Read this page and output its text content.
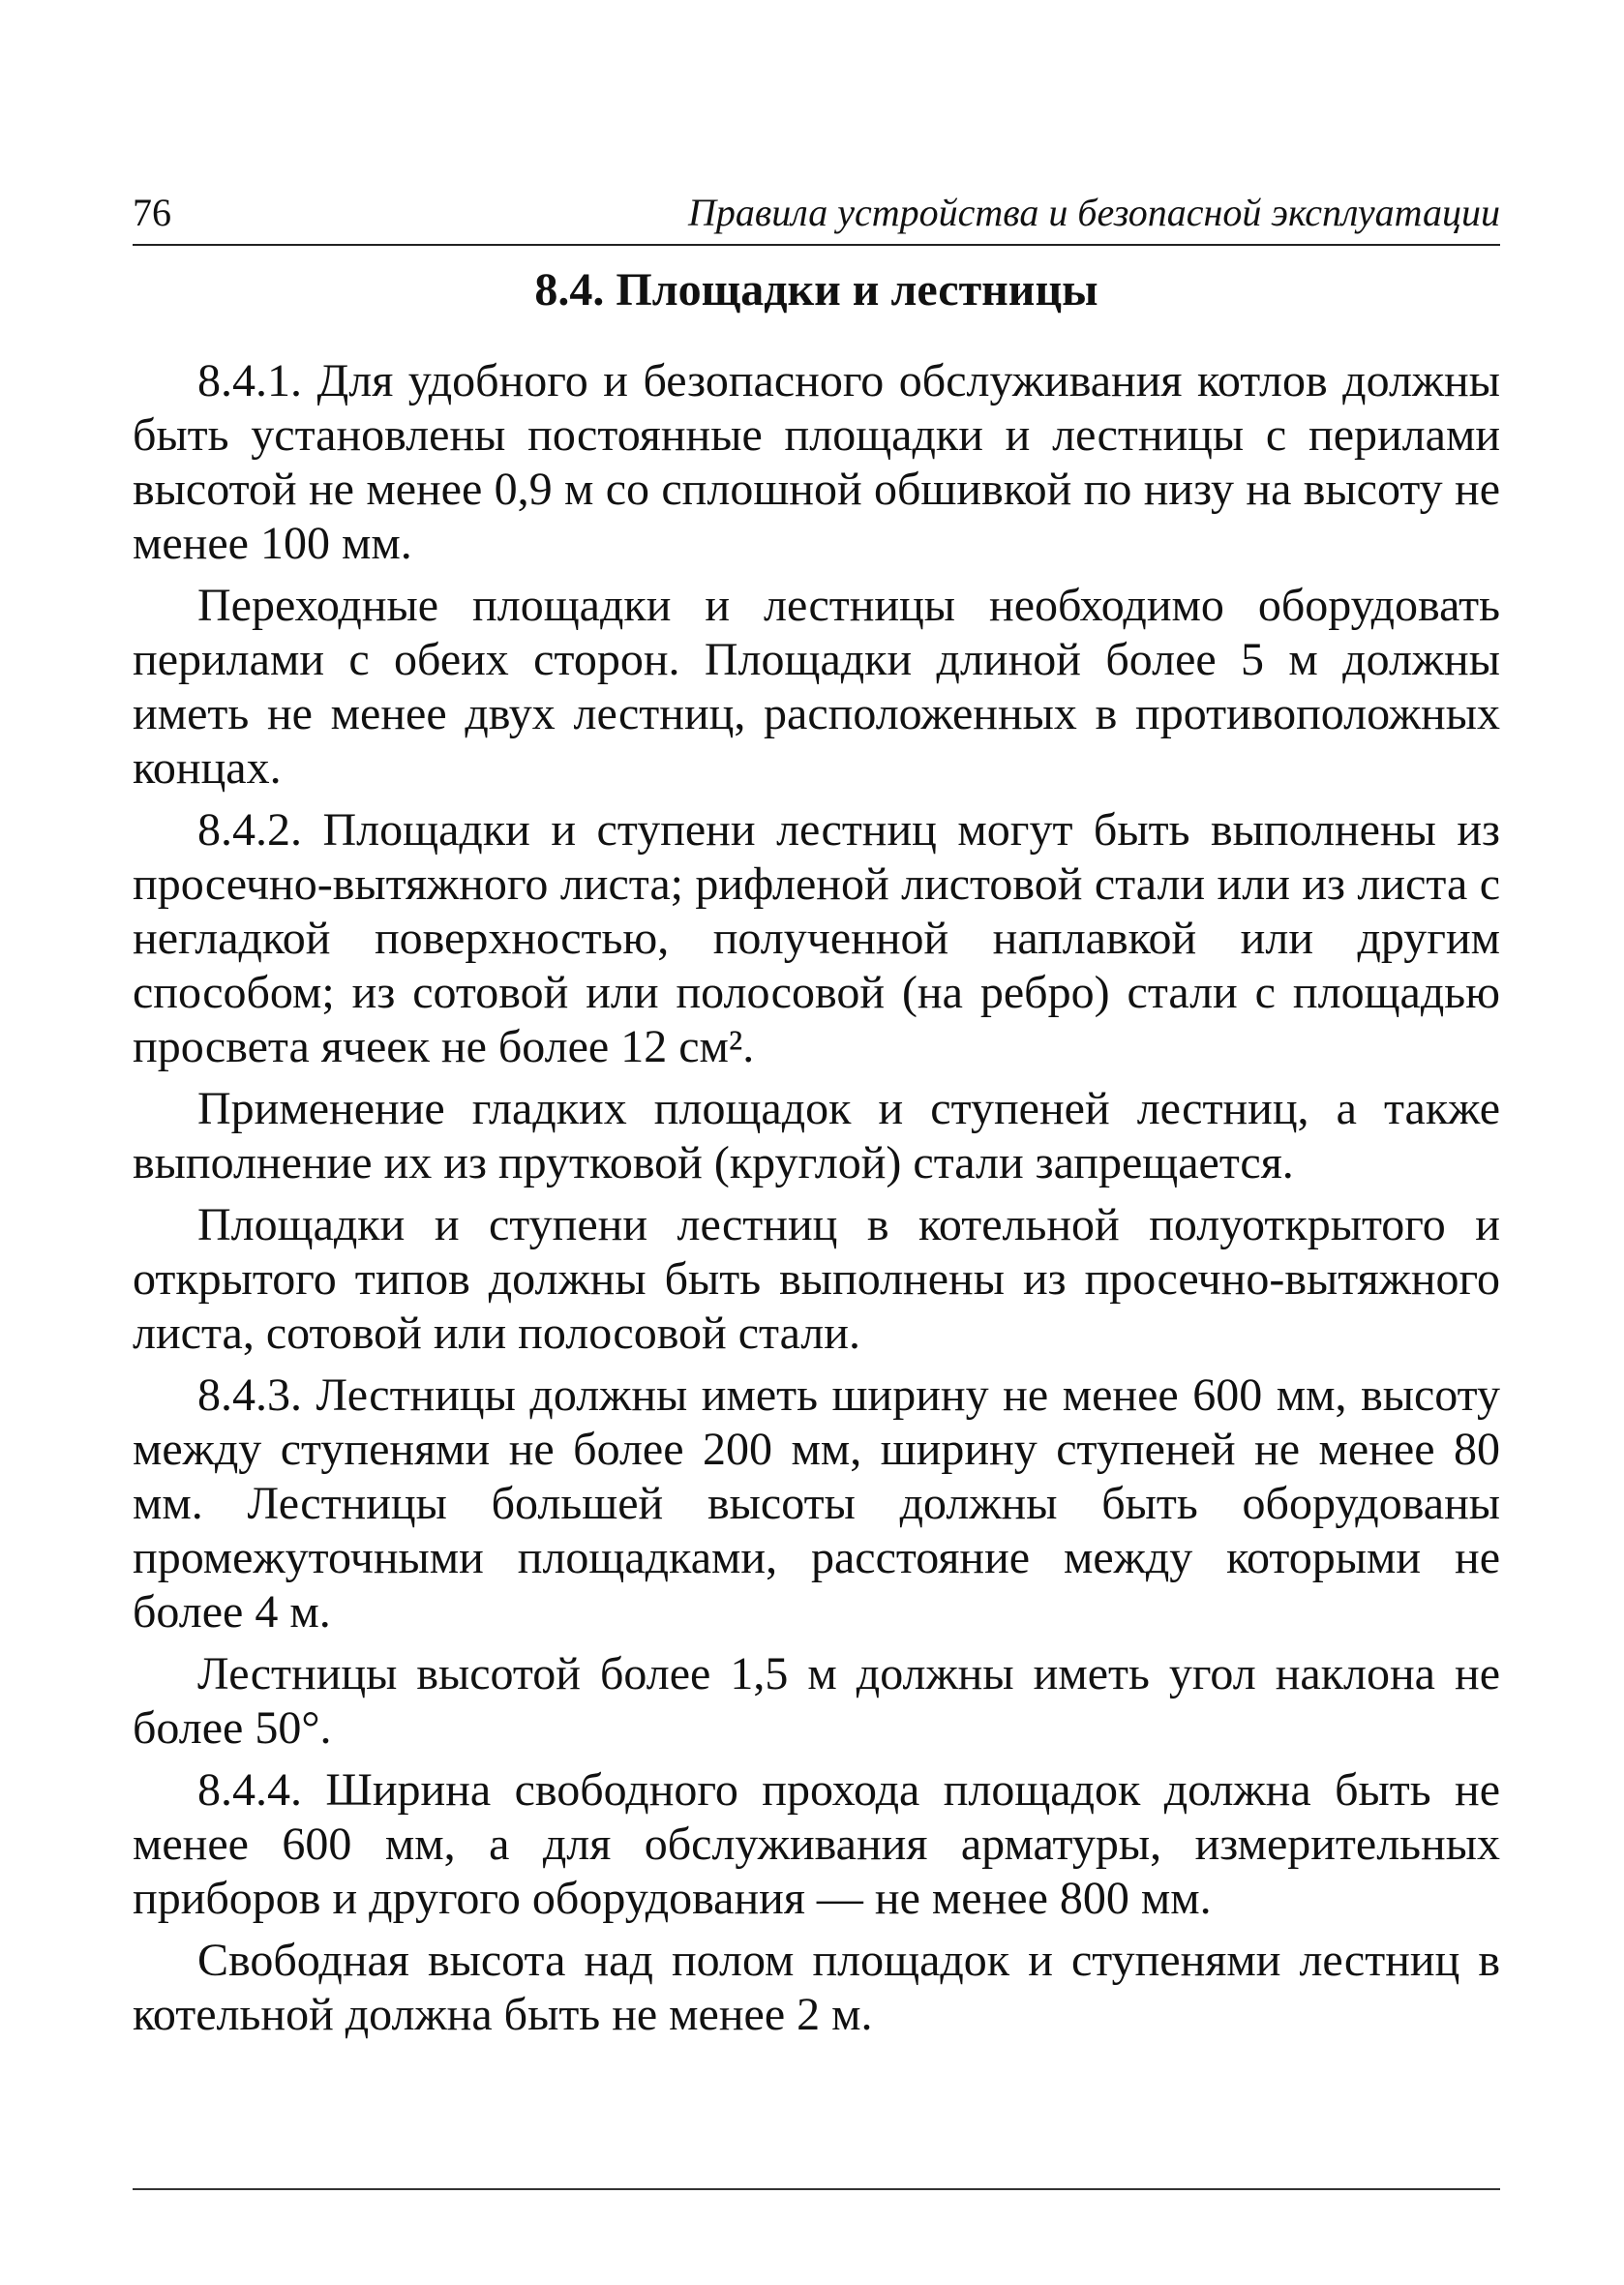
76	Правила устройства и безопасной эксплуатации
8.4. Площадки и лестницы

8.4.1. Для удобного и безопасного обслуживания котлов должны быть установлены постоянные площадки и лестницы с перилами высотой не менее 0,9 м со сплошной обшивкой по низу на высоту не менее 100 мм.

Переходные площадки и лестницы необходимо оборудовать перилами с обеих сторон. Площадки длиной более 5 м должны иметь не менее двух лестниц, расположенных в противоположных концах.

8.4.2. Площадки и ступени лестниц могут быть выполнены из просечно-вытяжного листа; рифленой листовой стали или из листа с негладкой поверхностью, полученной наплавкой или другим способом; из сотовой или полосовой (на ребро) стали с площадью просвета ячеек не более 12 см².

Применение гладких площадок и ступеней лестниц, а также выполнение их из прутковой (круглой) стали запрещается.

Площадки и ступени лестниц в котельной полуоткрытого и открытого типов должны быть выполнены из просечно-вытяжного листа, сотовой или полосовой стали.

8.4.3. Лестницы должны иметь ширину не менее 600 мм, высоту между ступенями не более 200 мм, ширину ступеней не менее 80 мм. Лестницы большей высоты должны быть оборудованы промежуточными площадками, расстояние между которыми не более 4 м.

Лестницы высотой более 1,5 м должны иметь угол наклона не более 50°.

8.4.4. Ширина свободного прохода площадок должна быть не менее 600 мм, а для обслуживания арматуры, измерительных приборов и другого оборудования — не менее 800 мм.

Свободная высота над полом площадок и ступенями лестниц в котельной должна быть не менее 2 м.
